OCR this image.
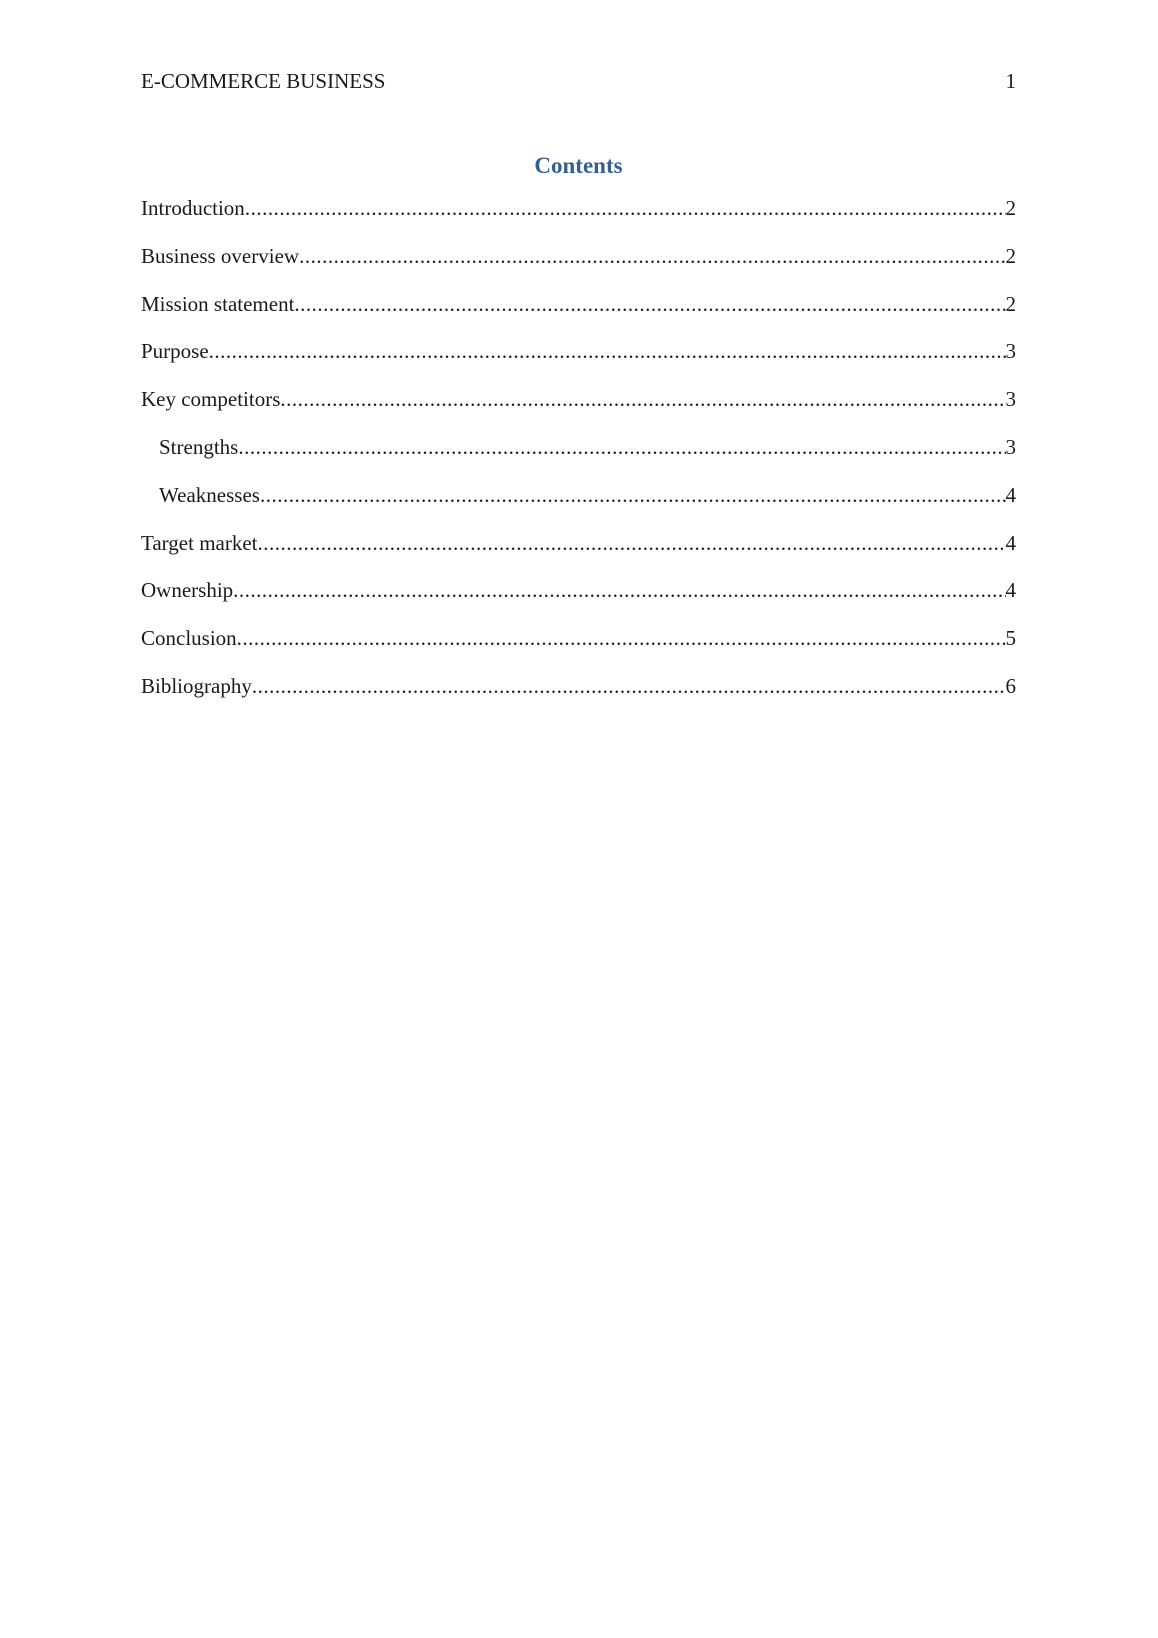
E-COMMERCE BUSINESS	1
Contents
Introduction .....	2
Business overview .....	2
Mission statement .....	2
Purpose .....	3
Key competitors .....	3
Strengths .....	3
Weaknesses .....	4
Target market .....	4
Ownership .....	4
Conclusion .....	5
Bibliography .....	6
